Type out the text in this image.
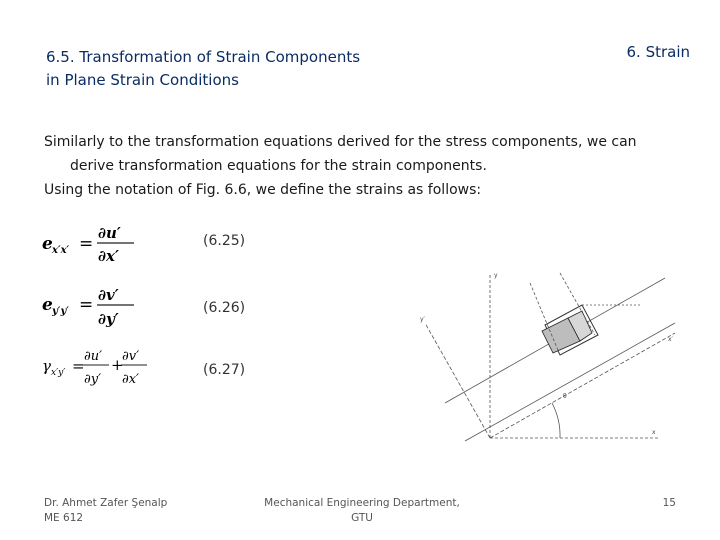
6.5. Transformation of Strain Components
in Plane Strain Conditions
6. Strain

Similarly to the transformation equations derived for the stress components, we can derive transformation equations for the strain components.

Using the notation of Fig. 6.6, we define the strains as follows:

e x′x′ =
∂u′
∂x′
(6.25)
e y′y′ = ∂v′
∂y′
(6.26)
γ x′y′ =
∂u′
∂y′
+
∂v′
∂x′
(6.27)
y
x
x′
y′
θ
Dr. Ahmet Zafer Şenalp
ME 612
Mechanical Engineering Department,
GTU
15
